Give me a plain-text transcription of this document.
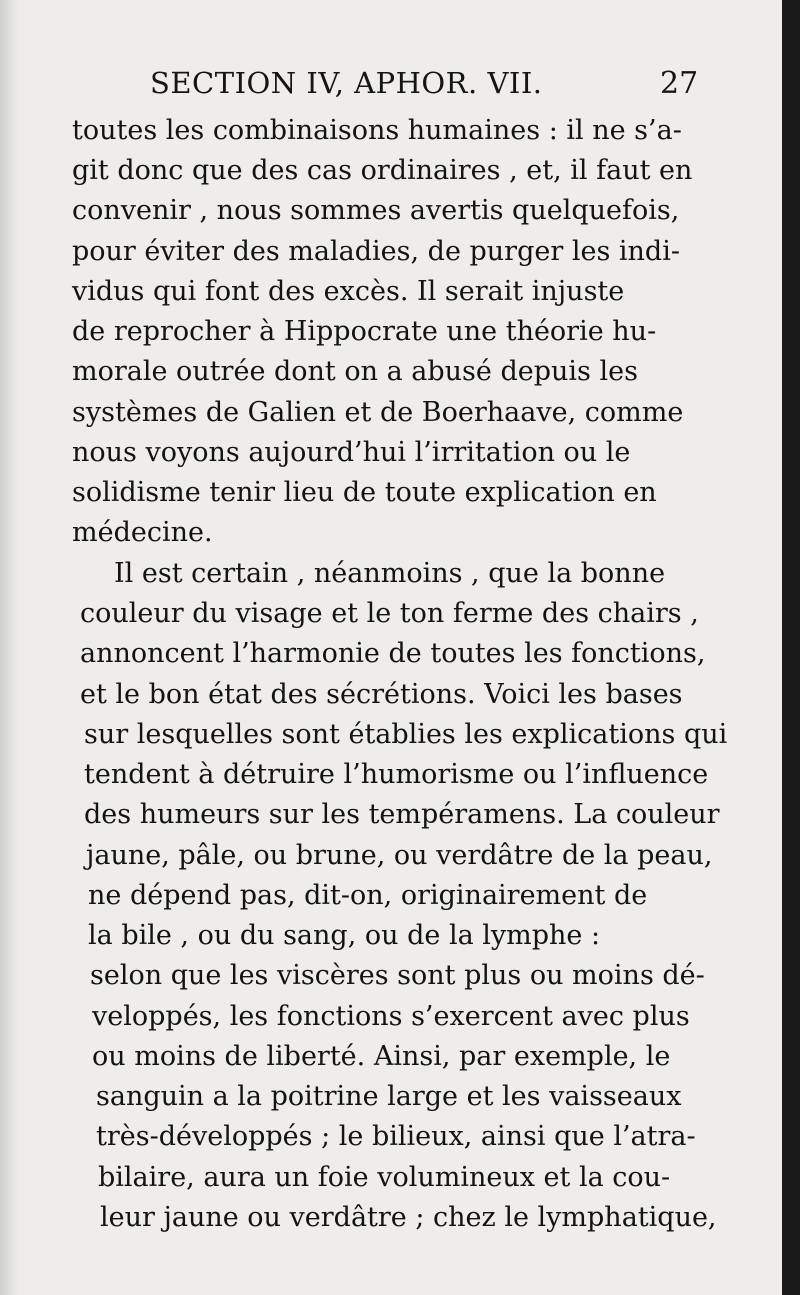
SECTION IV, APHOR. VII.	27
toutes les combinaisons humaines : il ne s’a-
git donc que des cas ordinaires , et, il faut en
convenir , nous sommes avertis quelquefois,
pour éviter des maladies, de purger les indi-
vidus qui font des excès. Il serait injuste
de reprocher à Hippocrate une théorie hu-
morale outrée dont on a abusé depuis les
systèmes de Galien et de Boerhaave, comme
nous voyons aujourd’hui l’irritation ou le
solidisme tenir lieu de toute explication en
médecine.
Il est certain , néanmoins , que la bonne
couleur du visage et le ton ferme des chairs ,
annoncent l’harmonie de toutes les fonctions,
et le bon état des sécrétions. Voici les bases
sur lesquelles sont établies les explications qui
tendent à détruire l’humorisme ou l’influence
des humeurs sur les tempéramens. La couleur
jaune, pâle, ou brune, ou verdâtre de la peau,
ne dépend pas, dit-on, originairement de
la bile , ou du sang, ou de la lymphe :
selon que les viscères sont plus ou moins dé-
veloppés, les fonctions s’exercent avec plus
ou moins de liberté. Ainsi, par exemple, le
sanguin a la poitrine large et les vaisseaux
très-développés ; le bilieux, ainsi que l’atra-
bilaire, aura un foie volumineux et la cou-
leur jaune ou verdâtre ; chez le lymphatique,
